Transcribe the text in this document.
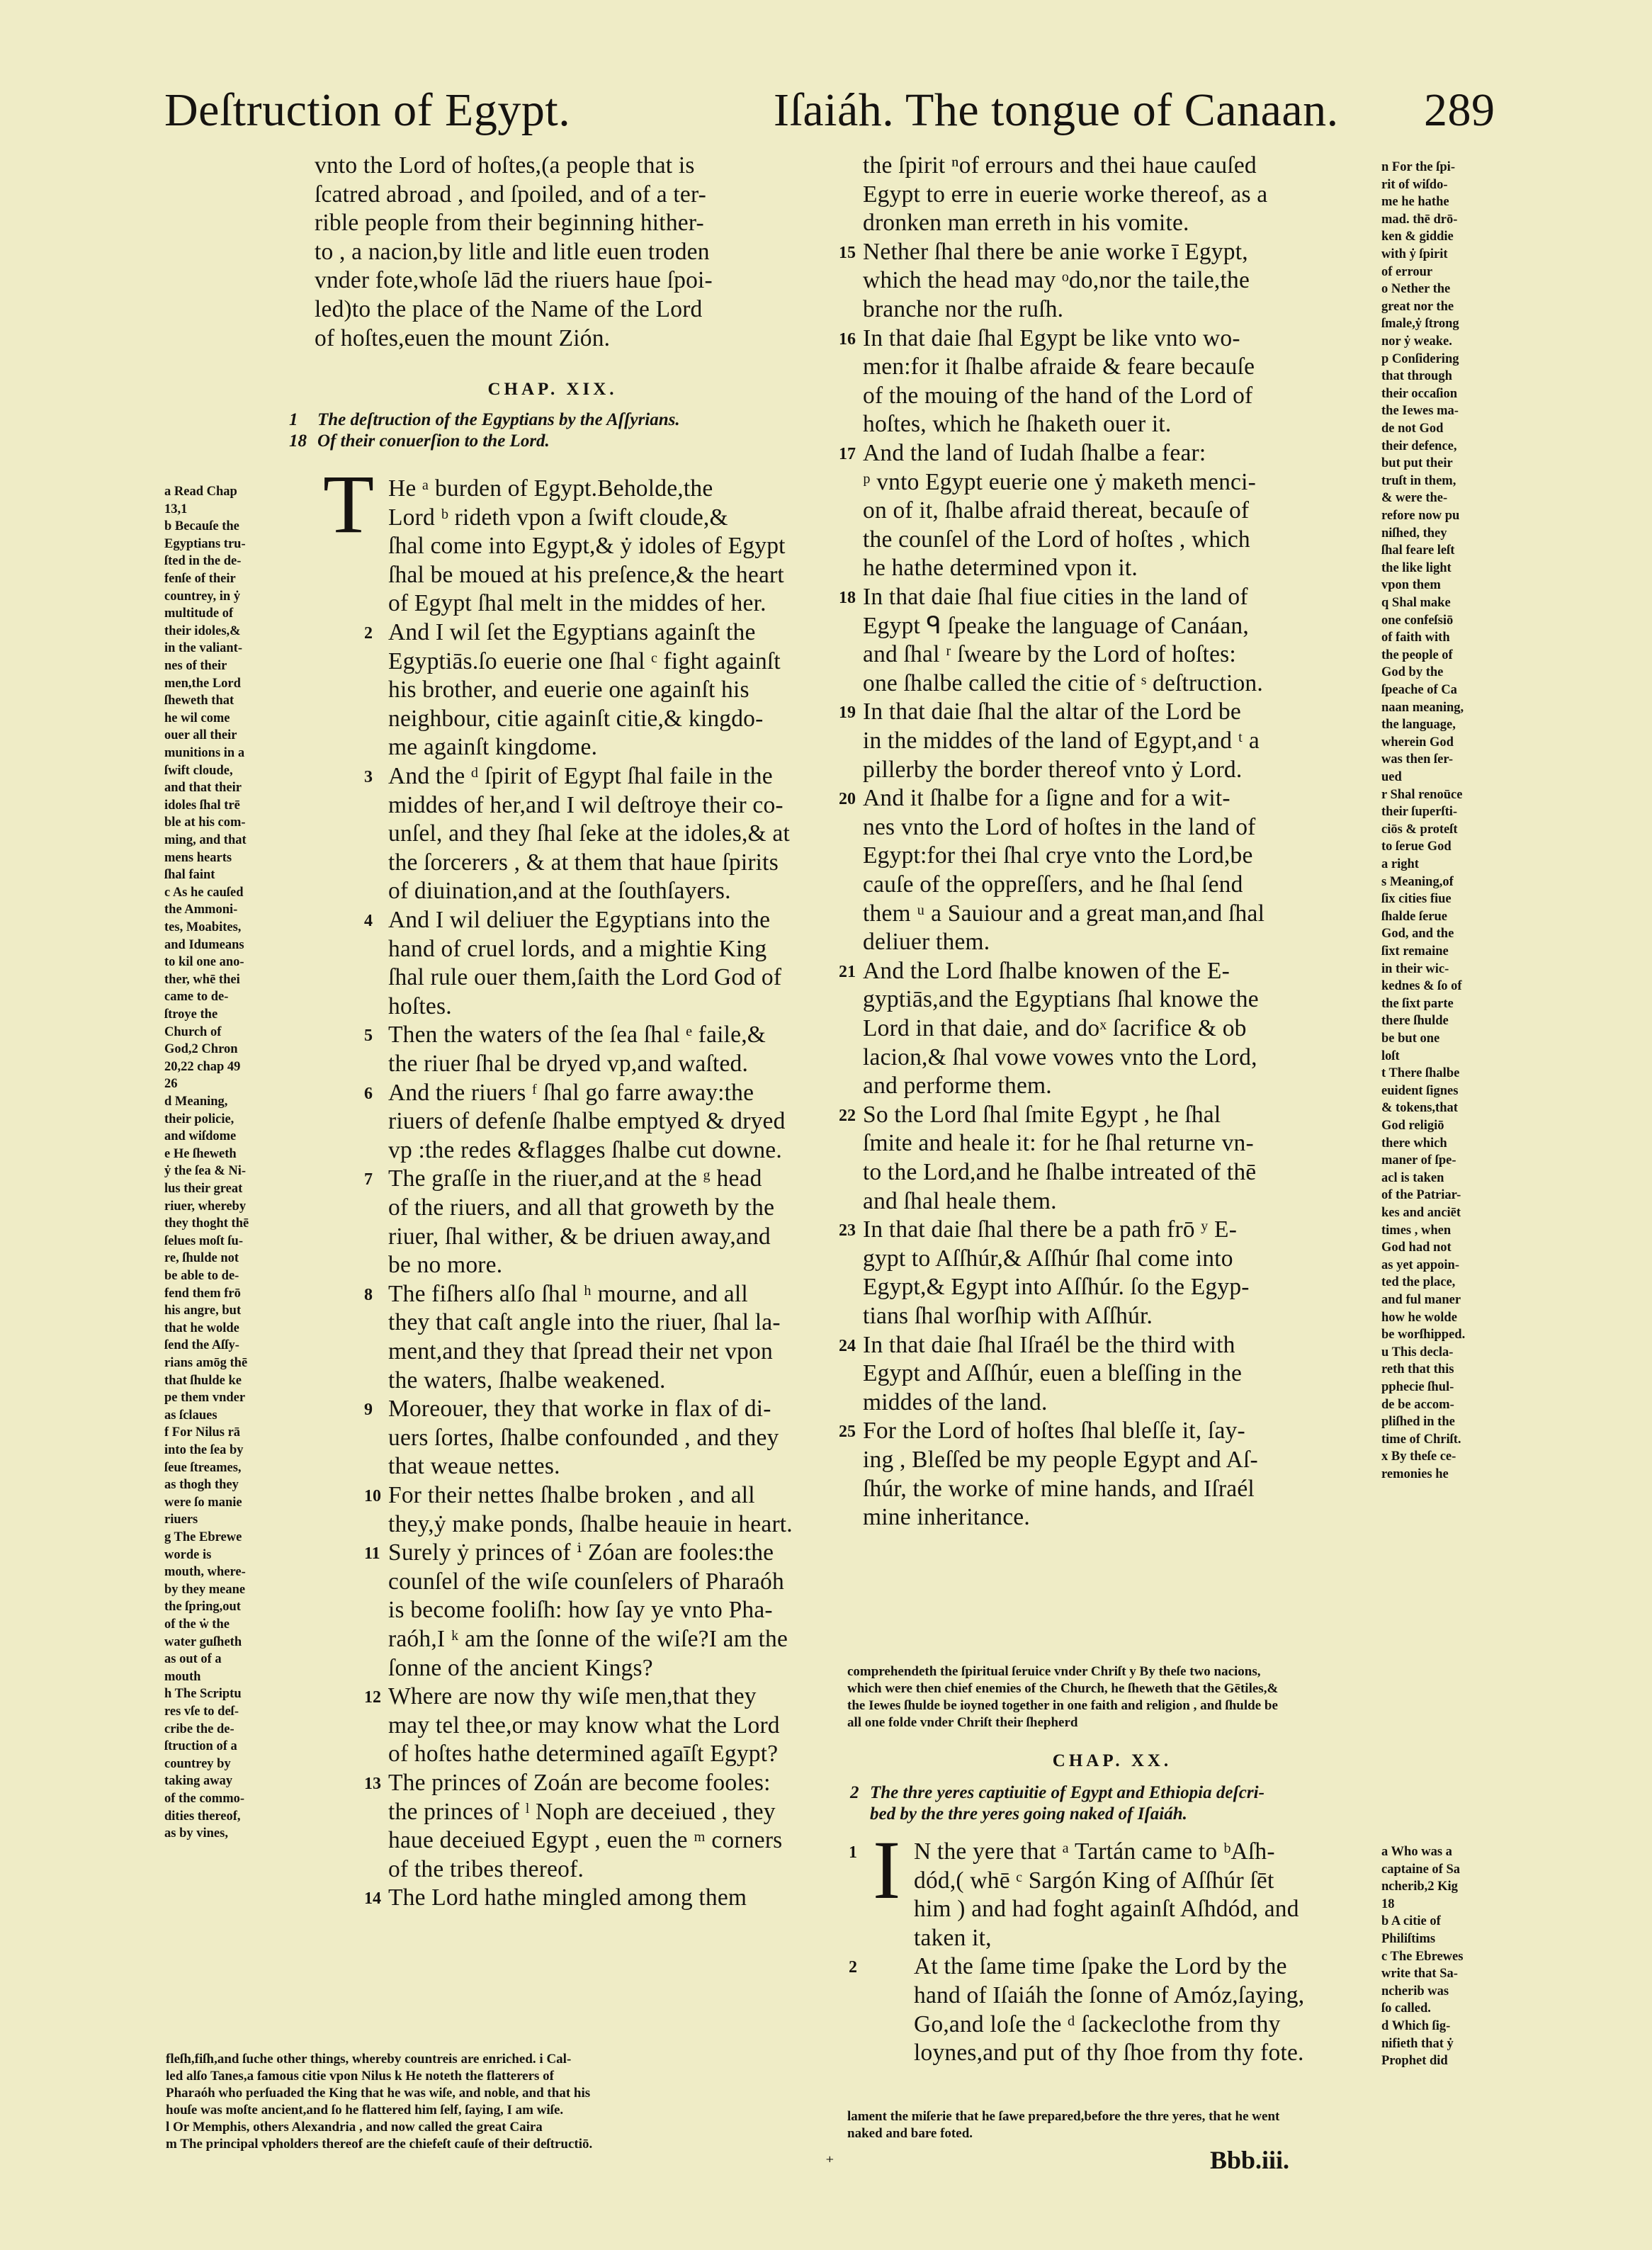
Deſtruction of Egypt.	Iſaiáh. The tongue of Canaan. 289
vnto the Lord of hoſtes,(a people that is
ſcatred abroad , and ſpoiled, and of a ter-
rible people from their beginning hither-
to , a nacion,by litle and litle euen troden
vnder fote,whoſe lād the riuers haue ſpoi-
led)to the place of the Name of the Lord
of hoſtes,euen the mount Zión.
CHAP. XIX.
1 The deſtruction of the Egyptians by the Aſſyrians.
18 Of their conuerſion to the Lord.
T He ᵃ burden of Egypt.Beholde,the
Lord ᵇ rideth vpon a ſwift cloude,&
ſhal come into Egypt,& ẏ idoles of Egypt
ſhal be moued at his preſence,& the heart
of Egypt ſhal melt in the middes of her.
And I wil ſet the Egyptians againſt the
Egyptiās.ſo euerie one ſhal ᶜ fight againſt
his brother, and euerie one againſt his
neighbour, citie againſt citie,& kingdo-
me againſt kingdome.
And the ᵈ ſpirit of Egypt ſhal faile in the
middes of her,and I wil deſtroye their co-
unſel, and they ſhal ſeke at the idoles,& at
the ſorcerers , & at them that haue ſpirits
of diuination,and at the ſouthſayers.
And I wil deliuer the Egyptians into the
hand of cruel lords, and a mightie King
ſhal rule ouer them,ſaith the Lord God of
hoſtes.
Then the waters of the ſea ſhal ᵉ faile,&
the riuer ſhal be dryed vp,and waſted.
And the riuers ᶠ ſhal go farre away:the
riuers of defenſe ſhalbe emptyed & dryed
vp :the redes &flagges ſhalbe cut downe.
The graſſe in the riuer,and at the ᵍ head
of the riuers, and all that groweth by the
riuer, ſhal wither, & be driuen away,and
be no more.
The fiſhers alſo ſhal ʰ mourne, and all
they that caſt angle into the riuer, ſhal la-
ment,and they that ſpread their net vpon
the waters, ſhalbe weakened.
Moreouer, they that worke in flax of di-
uers ſortes, ſhalbe confounded , and they
that weaue nettes.
For their nettes ſhalbe broken , and all
they,ẏ make ponds, ſhalbe heauie in heart.
Surely ẏ princes of ⁱ Zóan are fooles:the
counſel of the wiſe counſelers of Pharaóh
is become fooliſh: how ſay ye vnto Pha-
raóh,I ᵏ am the ſonne of the wiſe?I am the
ſonne of the ancient Kings?
Where are now thy wiſe men,that they
may tel thee,or may know what the Lord
of hoſtes hathe determined agaīſt Egypt?
The princes of Zoán are become fooles:
the princes of ˡ Noph are deceiued , they
haue deceiued Egypt , euen the ᵐ corners
of the tribes thereof.
The Lord hathe mingled among them
2
3
4
5
6
7
8
9
10
11
12
13
14
a Read Chap
13,1
b Becauſe the
Egyptians tru-
ſted in the de-
fenſe of their
countrey, in ẏ
multitude of
their idoles,&
in the valiant-
nes of their
men,the Lord
ſheweth that
he wil come
ouer all their
munitions in a
ſwift cloude,
and that their
idoles ſhal trē
ble at his com-
ming, and that
mens hearts
ſhal faint
c As he cauſed
the Ammoni-
tes, Moabites,
and Idumeans
to kil one ano-
ther, whē thei
came to de-
ſtroye the
Church of
God,2 Chron
20,22 chap 49
26
d Meaning,
their policie,
and wiſdome
e He ſheweth
ẏ the ſea & Ni-
lus their great
riuer, whereby
they thoght thē
ſelues moſt ſu-
re, ſhulde not
be able to de-
fend them frō
his angre, but
that he wolde
ſend the Aſſy-
rians amōg thē
that ſhulde ke
pe them vnder
as ſclaues
f For Nilus rā
into the ſea by
ſeue ſtreames,
as thogh they
were ſo manie
riuers
g The Ebrewe
worde is
mouth, where-
by they meane
the ſpring,out
of the ẇ the
water guſheth
as out of a
mouth
h The Scriptu
res vſe to deſ-
cribe the de-
ſtruction of a
countrey by
taking away
of the commo-
dities thereof,
as by vines,
fleſh,fiſh,and ſuche other things, whereby countreis are enriched. i Cal-
led alſo Tanes,a famous citie vpon Nilus k He noteth the flatterers of
Pharaóh who perſuaded the King that he was wiſe, and noble, and that his
houſe was moſte ancient,and ſo he flattered him ſelf, ſaying, I am wiſe.
l Or Memphis, others Alexandria , and now called the great Caira
m The principal vpholders thereof are the chiefeſt cauſe of their deſtructiō.
₊
the ſpirit ⁿof errours and thei haue cauſed
Egypt to erre in euerie worke thereof, as a
dronken man erreth in his vomite.
Nether ſhal there be anie worke ī Egypt,
which the head may ᵒdo,nor the taile,the
branche nor the ruſh.
In that daie ſhal Egypt be like vnto wo-
men:for it ſhalbe afraide & feare becauſe
of the mouing of the hand of the Lord of
hoſtes, which he ſhaketh ouer it.
And the land of Iudah ſhalbe a fear:
ᵖ vnto Egypt euerie one ẏ maketh menci-
on of it, ſhalbe afraid thereat, becauſe of
the counſel of the Lord of hoſtes , which
he hathe determined vpon it.
In that daie ſhal fiue cities in the land of
Egypt ᑫ ſpeake the language of Canáan,
and ſhal ʳ ſweare by the Lord of hoſtes:
one ſhalbe called the citie of ˢ deſtruction.
In that daie ſhal the altar of the Lord be
in the middes of the land of Egypt,and ᵗ a
pillerby the border thereof vnto ẏ Lord.
And it ſhalbe for a ſigne and for a wit-
nes vnto the Lord of hoſtes in the land of
Egypt:for thei ſhal crye vnto the Lord,be
cauſe of the oppreſſers, and he ſhal ſend
them ᵘ a Sauiour and a great man,and ſhal
deliuer them.
And the Lord ſhalbe knowen of the E-
gyptiās,and the Egyptians ſhal knowe the
Lord in that daie, and doˣ ſacrifice & ob
lacion,& ſhal vowe vowes vnto the Lord,
and performe them.
So the Lord ſhal ſmite Egypt , he ſhal
ſmite and heale it: for he ſhal returne vn-
to the Lord,and he ſhalbe intreated of thē
and ſhal heale them.
In that daie ſhal there be a path frō ʸ E-
gypt to Aſſhúr,& Aſſhúr ſhal come into
Egypt,& Egypt into Aſſhúr. ſo the Egyp-
tians ſhal worſhip with Aſſhúr.
In that daie ſhal Iſraél be the third with
Egypt and Aſſhúr, euen a bleſſing in the
middes of the land.
For the Lord of hoſtes ſhal bleſſe it, ſay-
ing , Bleſſed be my people Egypt and Aſ-
ſhúr, the worke of mine hands, and Iſraél
mine inheritance.
15
16
17
18
19
20
21
22
23
24
25
n For the ſpi-
rit of wiſdo-
me he hathe
mad. thē drō-
ken & giddie
with ẏ ſpirit
of errour
o Nether the
great nor the
ſmale,ẏ ſtrong
nor ẏ weake.
p Conſidering
that through
their occaſion
the Iewes ma-
de not God
their defence,
but put their
truſt in them,
& were the-
refore now pu
niſhed, they
ſhal feare leſt
the like light
vpon them
q Shal make
one confeſsiō
of faith with
the people of
God by the
ſpeache of Ca
naan meaning,
the language,
wherein God
was then ſer-
ued
r Shal renoūce
their ſuperſti-
ciōs & proteſt
to ſerue God
a right
s Meaning,of
ſix cities fiue
ſhalde ſerue
God, and the
ſixt remaine
in their wic-
kednes & ſo of
the ſixt parte
there ſhulde
be but one
loſt
t There ſhalbe
euident ſignes
& tokens,that
God religiō
there which
maner of ſpe-
acl is taken
of the Patriar-
kes and anciēt
times , when
God had not
as yet appoin-
ted the place,
and ful maner
how he wolde
be worſhipped.
u This decla-
reth that this
pphecie ſhul-
de be accom-
pliſhed in the
time of Chriſt.
x By theſe ce-
remonies he
comprehendeth the ſpiritual ſeruice vnder Chriſt y By theſe two nacions,
which were then chief enemies of the Church, he ſheweth that the Gētiles,&
the Iewes ſhulde be ioyned together in one faith and religion , and ſhulde be
all one folde vnder Chriſt their ſhepherd
CHAP. XX.
2 The thre yeres captiuitie of Egypt and Ethiopia deſcri-
bed by the thre yeres going naked of Iſaiáh.
I N the yere that ᵃ Tartán came to ᵇAſh-
dód,( whē ᶜ Sargón King of Aſſhúr ſēt
him ) and had foght againſt Aſhdód, and
taken it,
At the ſame time ſpake the Lord by the
hand of Iſaiáh the ſonne of Amóz,ſaying,
Go,and loſe the ᵈ ſackeclothe from thy
loynes,and put of thy ſhoe from thy fote.
1
2
a Who was a
captaine of Sa
ncherib,2 Kig
18
b A citie of
Philiſtims
c The Ebrewes
write that Sa-
ncherib was
ſo called.
d Which ſig-
nifieth that ẏ
Prophet did
lament the miſerie that he ſawe prepared,before the thre yeres, that he went
naked and bare foted.
Bbb.iii.
